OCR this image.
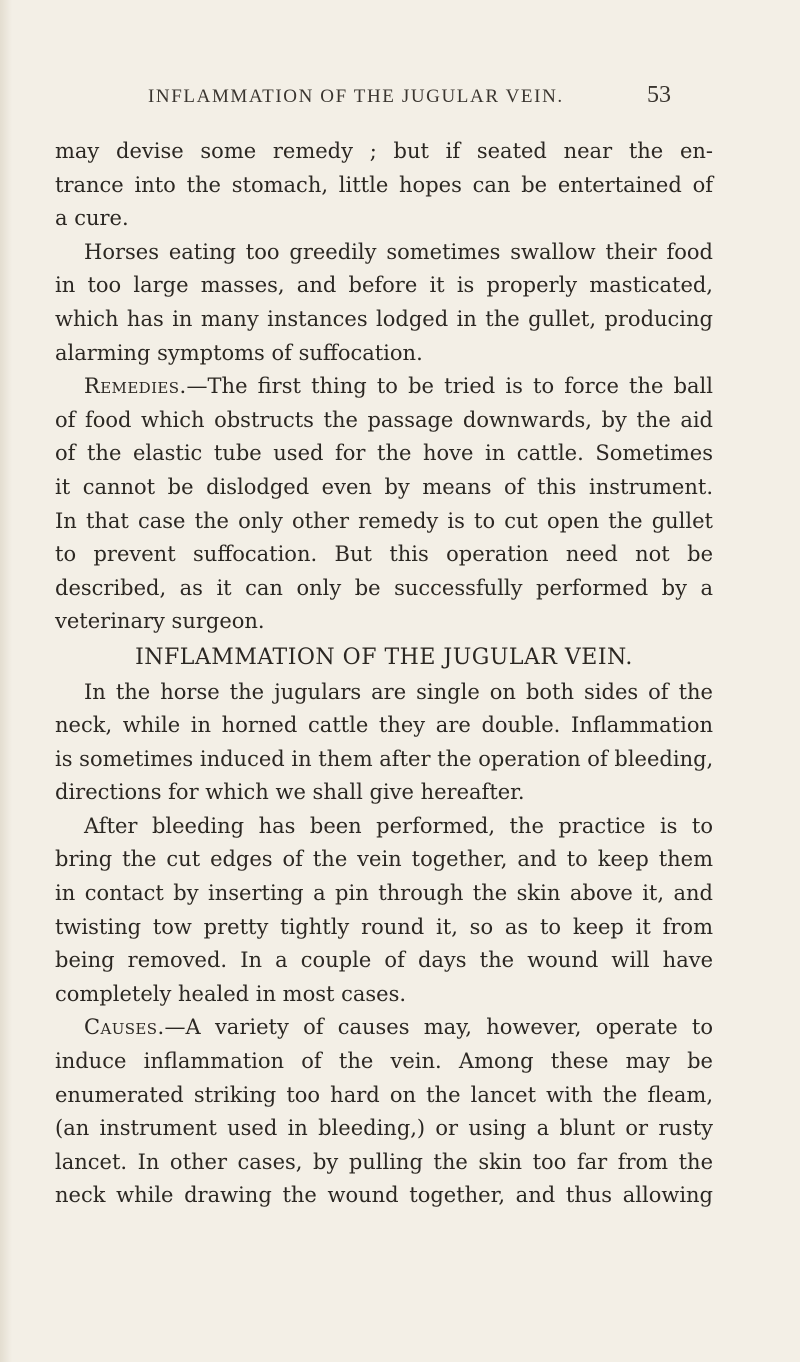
INFLAMMATION OF THE JUGULAR VEIN.	53
may devise some remedy ; but if seated near the en-
trance into the stomach, little hopes can be entertained of
a cure.
Horses eating too greedily sometimes swallow their food
in too large masses, and before it is properly masticated,
which has in many instances lodged in the gullet, producing
alarming symptoms of suffocation.
Remedies.—The first thing to be tried is to force the ball
of food which obstructs the passage downwards, by the aid
of the elastic tube used for the hove in cattle. Sometimes
it cannot be dislodged even by means of this instrument.
In that case the only other remedy is to cut open the gullet
to prevent suffocation. But this operation need not be
described, as it can only be successfully performed by a
veterinary surgeon.
INFLAMMATION OF THE JUGULAR VEIN.
In the horse the jugulars are single on both sides of the
neck, while in horned cattle they are double. Inflammation
is sometimes induced in them after the operation of bleeding,
directions for which we shall give hereafter.
After bleeding has been performed, the practice is to
bring the cut edges of the vein together, and to keep them
in contact by inserting a pin through the skin above it, and
twisting tow pretty tightly round it, so as to keep it from
being removed. In a couple of days the wound will have
completely healed in most cases.
Causes.—A variety of causes may, however, operate to
induce inflammation of the vein. Among these may be
enumerated striking too hard on the lancet with the fleam,
(an instrument used in bleeding,) or using a blunt or rusty
lancet. In other cases, by pulling the skin too far from the
neck while drawing the wound together, and thus allowing
